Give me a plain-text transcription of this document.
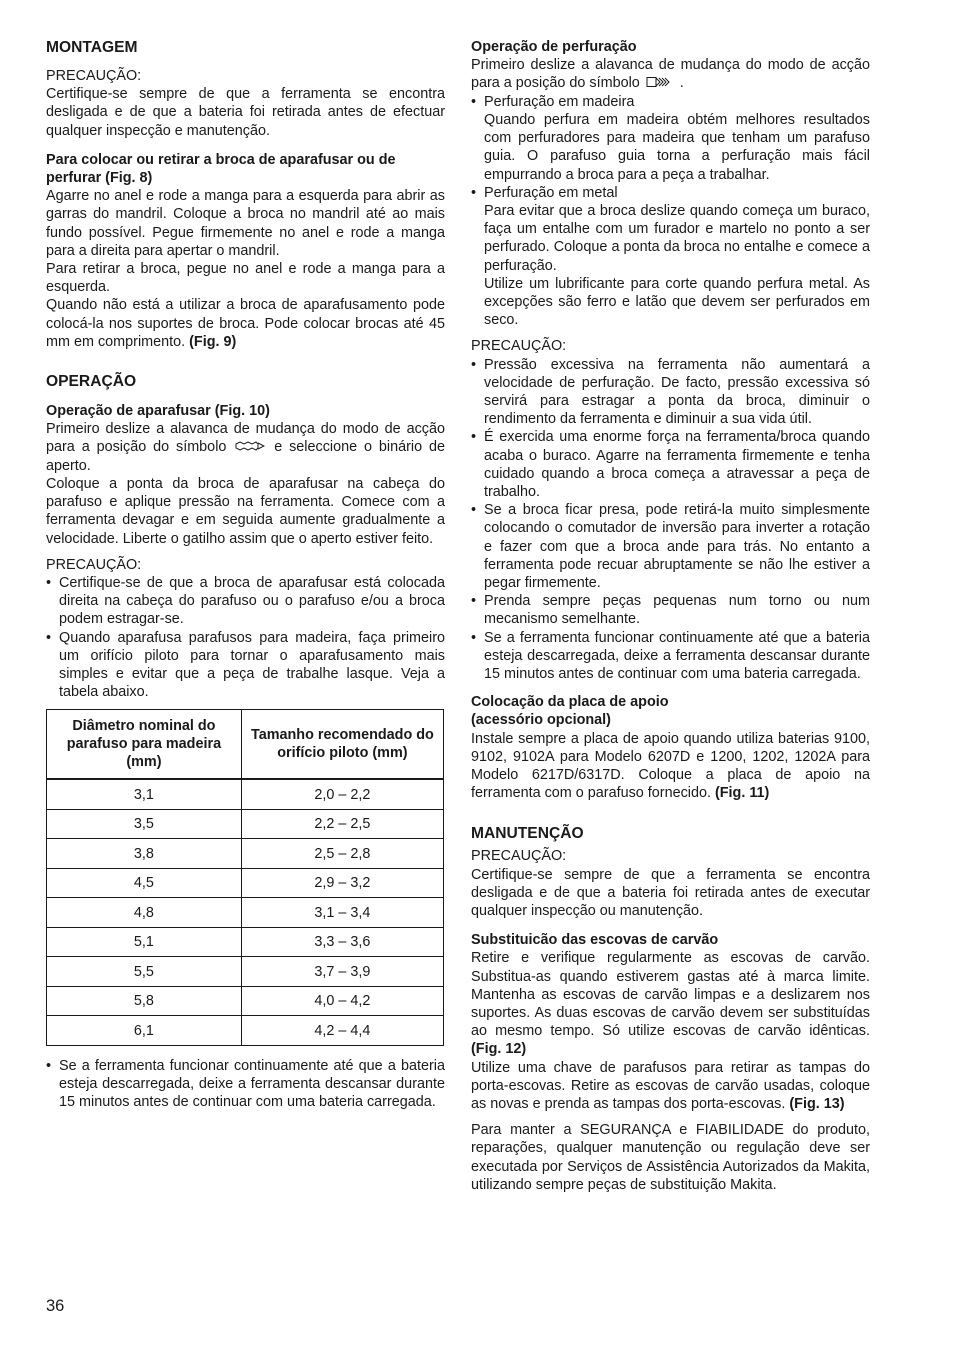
MONTAGEM

PRECAUÇÃO:

Certifique-se sempre de que a ferramenta se encontra desligada e de que a bateria foi retirada antes de efectuar qualquer inspecção e manutenção.

Para colocar ou retirar a broca de aparafusar ou de perfurar (Fig. 8)

Agarre no anel e rode a manga para a esquerda para abrir as garras do mandril. Coloque a broca no mandril até ao mais fundo possível. Pegue firmemente no anel e rode a manga para a direita para apertar o mandril.

Para retirar a broca, pegue no anel e rode a manga para a esquerda.

Quando não está a utilizar a broca de aparafusamento pode colocá-la nos suportes de broca. Pode colocar brocas até 45 mm em comprimento. (Fig. 9)

OPERAÇÃO
Operação de aparafusar (Fig. 10)

Primeiro deslize a alavanca de mudança do modo de acção para a posição do símbolo	e seleccione o binário de aperto.

Coloque a ponta da broca de aparafusar na cabeça do parafuso e aplique pressão na ferramenta. Comece com a ferramenta devagar e em seguida aumente gradualmente a velocidade. Liberte o gatilho assim que o aperto estiver feito.

PRECAUÇÃO:

• Certifique-se de que a broca de aparafusar está colocada direita na cabeça do parafuso ou o parafuso e/ou a broca podem estragar-se.
• Quando aparafusa parafusos para madeira, faça primeiro um orifício piloto para tornar o aparafusamento mais simples e evitar que a peça de trabalhe lasque. Veja a tabela abaixo.
Diâmetro nominal do parafuso para madeira (mm)	Tamanho recomendado do orifício piloto (mm)
3,1	2,0 – 2,2
3,5	2,2 – 2,5
3,8	2,5 – 2,8
4,5	2,9 – 3,2
4,8	3,1 – 3,4
5,1	3,3 – 3,6
5,5	3,7 – 3,9
5,8	4,0 – 4,2
6,1	4,2 – 4,4
• Se a ferramenta funcionar continuamente até que a bateria esteja descarregada, deixe a ferramenta descansar durante 15 minutos antes de continuar com uma bateria carregada.
Operação de perfuração

Primeiro deslize a alavanca de mudança do modo de acção para a posição do símbolo	.

• Perfuração em madeira

Quando perfura em madeira obtém melhores resultados com perfuradores para madeira que tenham um parafuso guia. O parafuso guia torna a perfuração mais fácil empurrando a broca para a peça a trabalhar.

• Perfuração em metal

Para evitar que a broca deslize quando começa um buraco, faça um entalhe com um furador e martelo no ponto a ser perfurado. Coloque a ponta da broca no entalhe e comece a perfuração.

Utilize um lubrificante para corte quando perfura metal. As excepções são ferro e latão que devem ser perfurados em seco.

PRECAUÇÃO:

• Pressão excessiva na ferramenta não aumentará a velocidade de perfuração. De facto, pressão excessiva só servirá para estragar a ponta da broca, diminuir o rendimento da ferramenta e diminuir a sua vida útil.
• É exercida uma enorme força na ferramenta/broca quando acaba o buraco. Agarre na ferramenta firmemente e tenha cuidado quando a broca começa a atravessar a peça de trabalho.
• Se a broca ficar presa, pode retirá-la muito simplesmente colocando o comutador de inversão para inverter a rotação e fazer com que a broca ande para trás. No entanto a ferramenta pode recuar abruptamente se não lhe estiver a pegar firmemente.
• Prenda sempre peças pequenas num torno ou num mecanismo semelhante.
• Se a ferramenta funcionar continuamente até que a bateria esteja descarregada, deixe a ferramenta descansar durante 15 minutos antes de continuar com uma bateria carregada.
Colocação da placa de apoio
(acessório opcional)

Instale sempre a placa de apoio quando utiliza baterias 9100, 9102, 9102A para Modelo 6207D e 1200, 1202, 1202A para Modelo 6217D/6317D. Coloque a placa de apoio na ferramenta com o parafuso fornecido. (Fig. 11)

MANUTENÇÃO

PRECAUÇÃO:

Certifique-se sempre de que a ferramenta se encontra desligada e de que a bateria foi retirada antes de executar qualquer inspecção ou manutenção.

Substituicão das escovas de carvão

Retire e verifique regularmente as escovas de carvão. Substitua-as quando estiverem gastas até à marca limite. Mantenha as escovas de carvão limpas e a deslizarem nos suportes. As duas escovas de carvão devem ser substituídas ao mesmo tempo. Só utilize escovas de carvão idênticas. (Fig. 12)

Utilize uma chave de parafusos para retirar as tampas do porta-escovas. Retire as escovas de carvão usadas, coloque as novas e prenda as tampas dos porta-escovas. (Fig. 13)

Para manter a SEGURANÇA e FIABILIDADE do produto, reparações, qualquer manutenção ou regulação deve ser executada por Serviços de Assistência Autorizados da Makita, utilizando sempre peças de substituição Makita.

36
